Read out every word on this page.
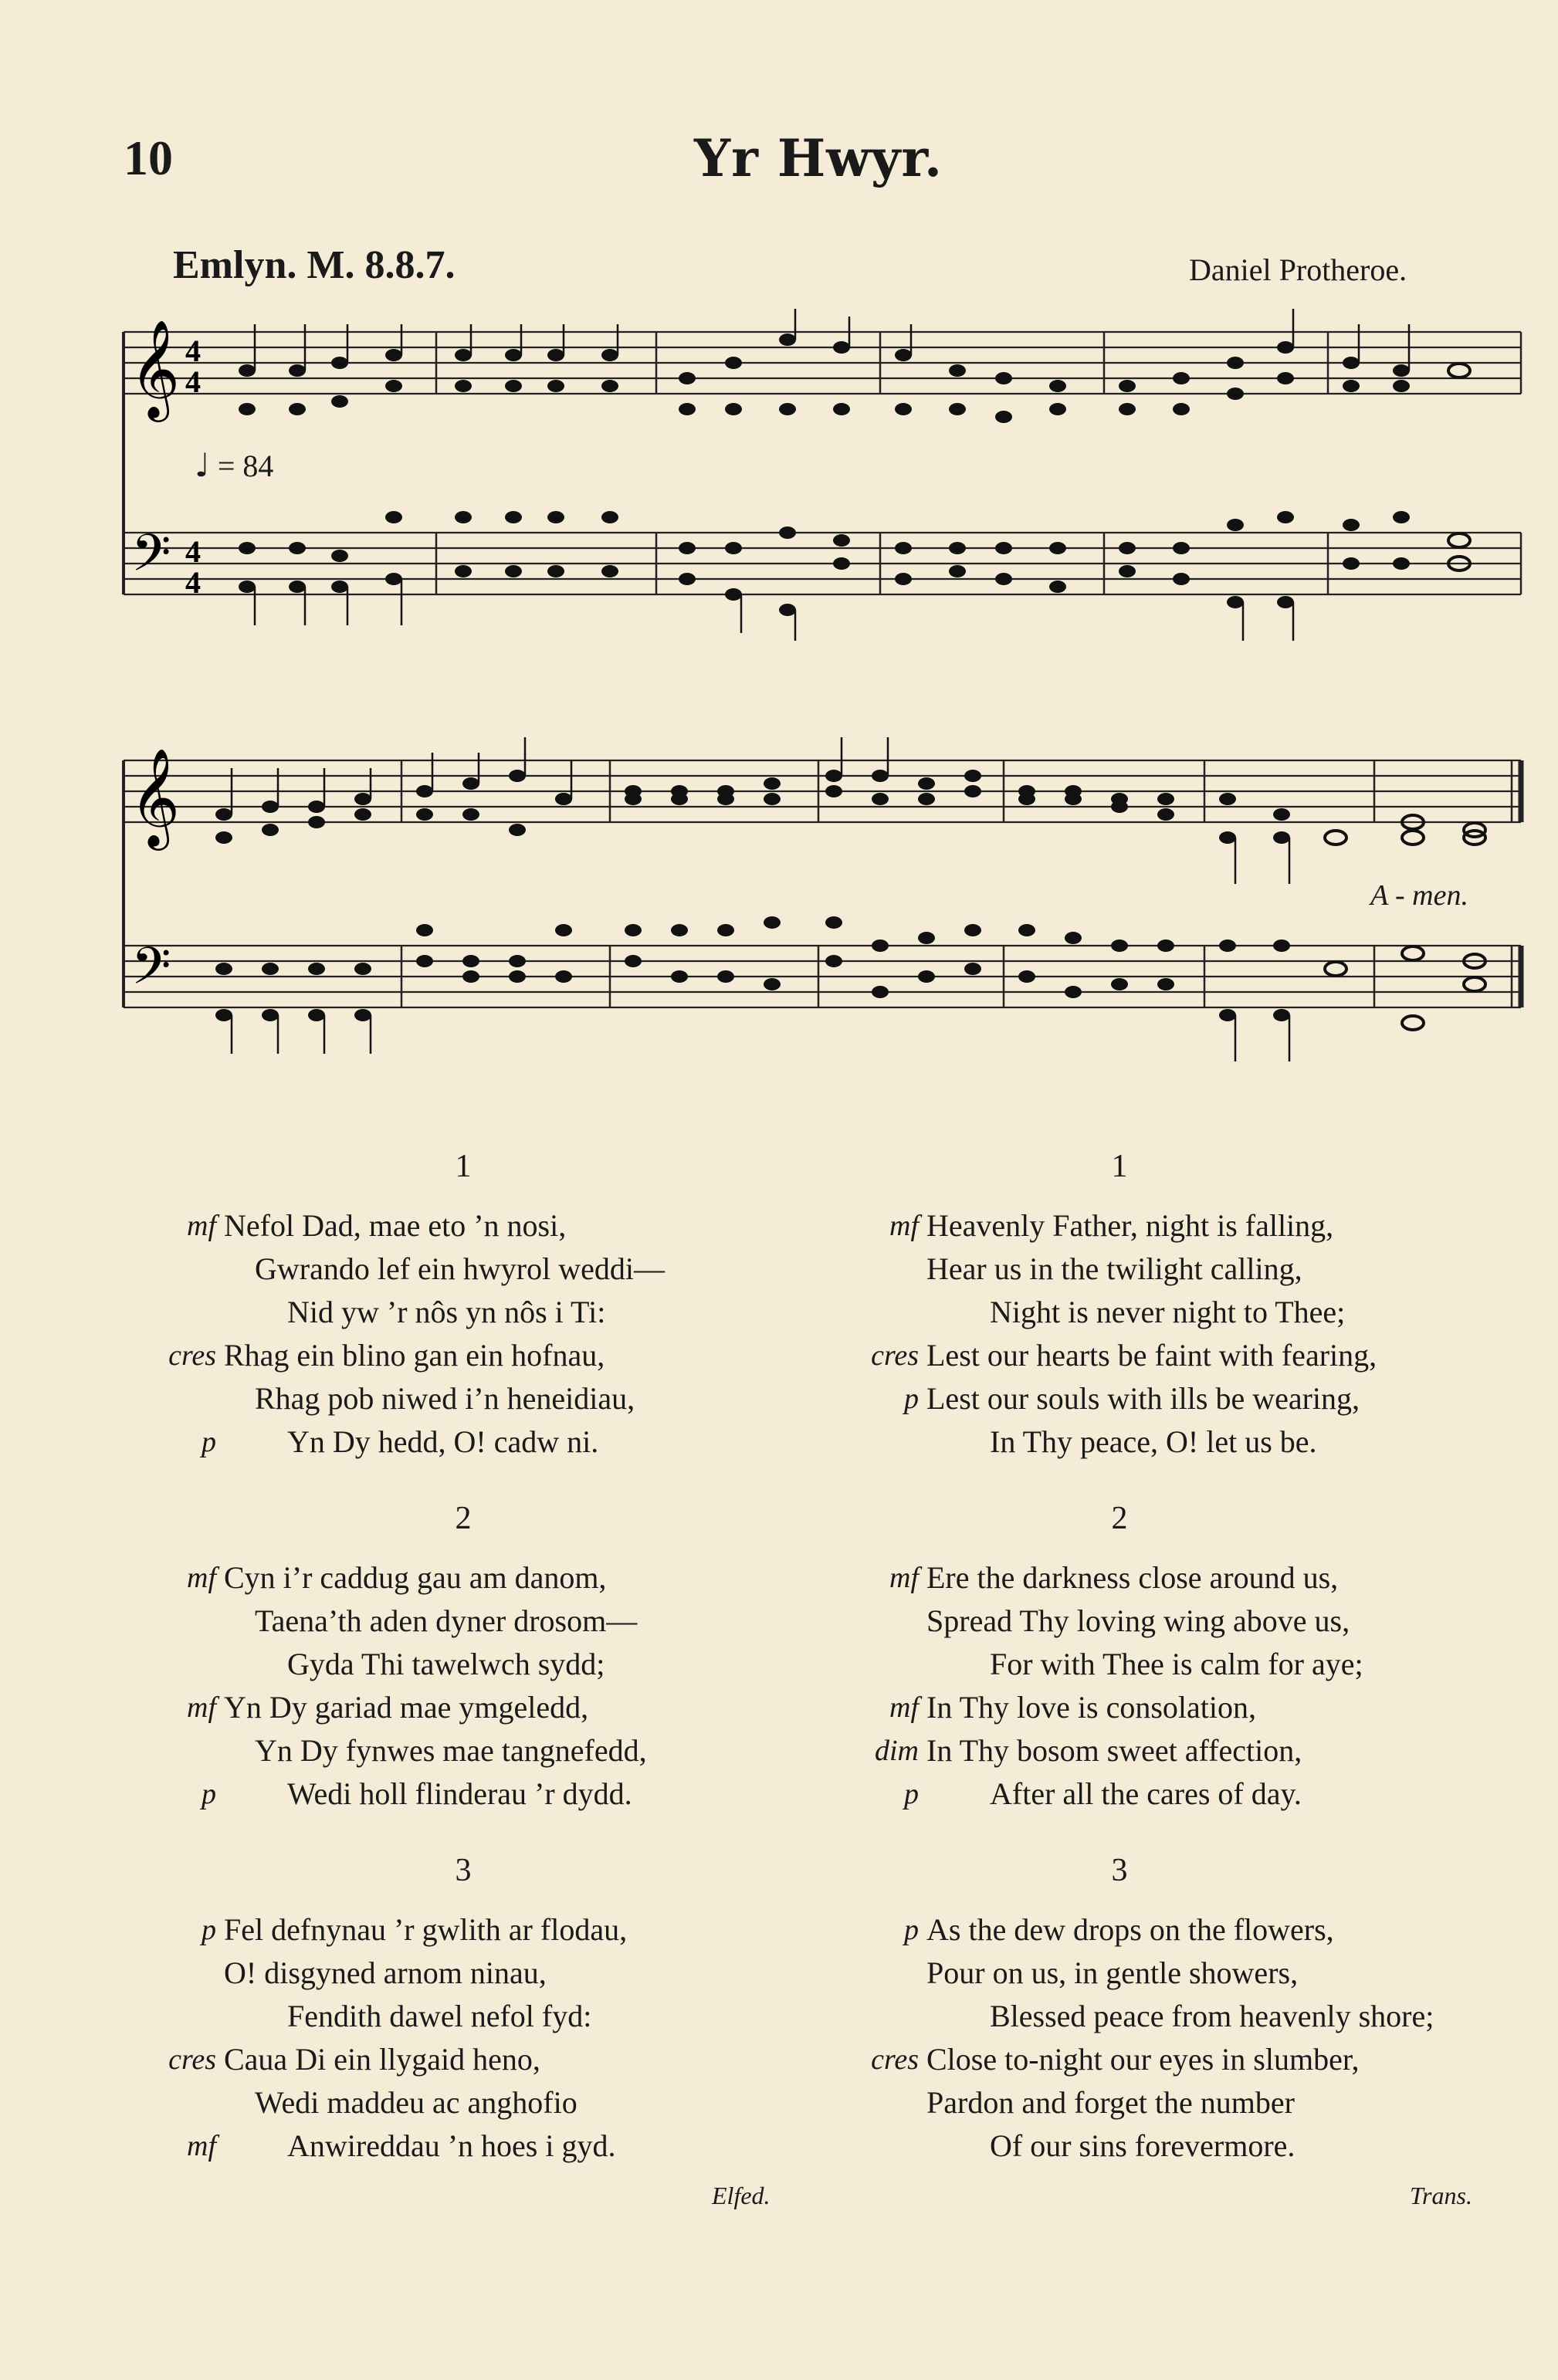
10	Yr Hwyr.
Emlyn. M. 8.8.7.	Daniel Protheroe.
𝄞
𝄢
4
4
4
4
♩ = 84
𝄞
𝄢
A - men.
1
mf Nefol Dad, mae eto ’n nosi,
Gwrando lef ein hwyrol weddi—
Nid yw ’r nôs yn nôs i Ti:
cres Rhag ein blino gan ein hofnau,
Rhag pob niwed i’n heneidiau,
p Yn Dy hedd, O! cadw ni.
2
mf Cyn i’r caddug gau am danom,
Taena’th aden dyner drosom—
Gyda Thi tawelwch sydd;
mf Yn Dy gariad mae ymgeledd,
Yn Dy fynwes mae tangnefedd,
p Wedi holl flinderau ’r dydd.
3
p Fel defnynau ’r gwlith ar flodau,
O! disgyned arnom ninau,
Fendith dawel nefol fyd:
cres Caua Di ein llygaid heno,
Wedi maddeu ac anghofio
mf Anwireddau ’n hoes i gyd.
1
mf Heavenly Father, night is falling,
Hear us in the twilight calling,
Night is never night to Thee;
cres Lest our hearts be faint with fearing,
p Lest our souls with ills be wearing,
In Thy peace, O! let us be.
2
mf Ere the darkness close around us,
Spread Thy loving wing above us,
For with Thee is calm for aye;
mf In Thy love is consolation,
dim In Thy bosom sweet affection,
p After all the cares of day.
3
p As the dew drops on the flowers,
Pour on us, in gentle showers,
Blessed peace from heavenly shore;
cres Close to-night our eyes in slumber,
Pardon and forget the number
Of our sins forevermore.
Elfed.	Trans.
